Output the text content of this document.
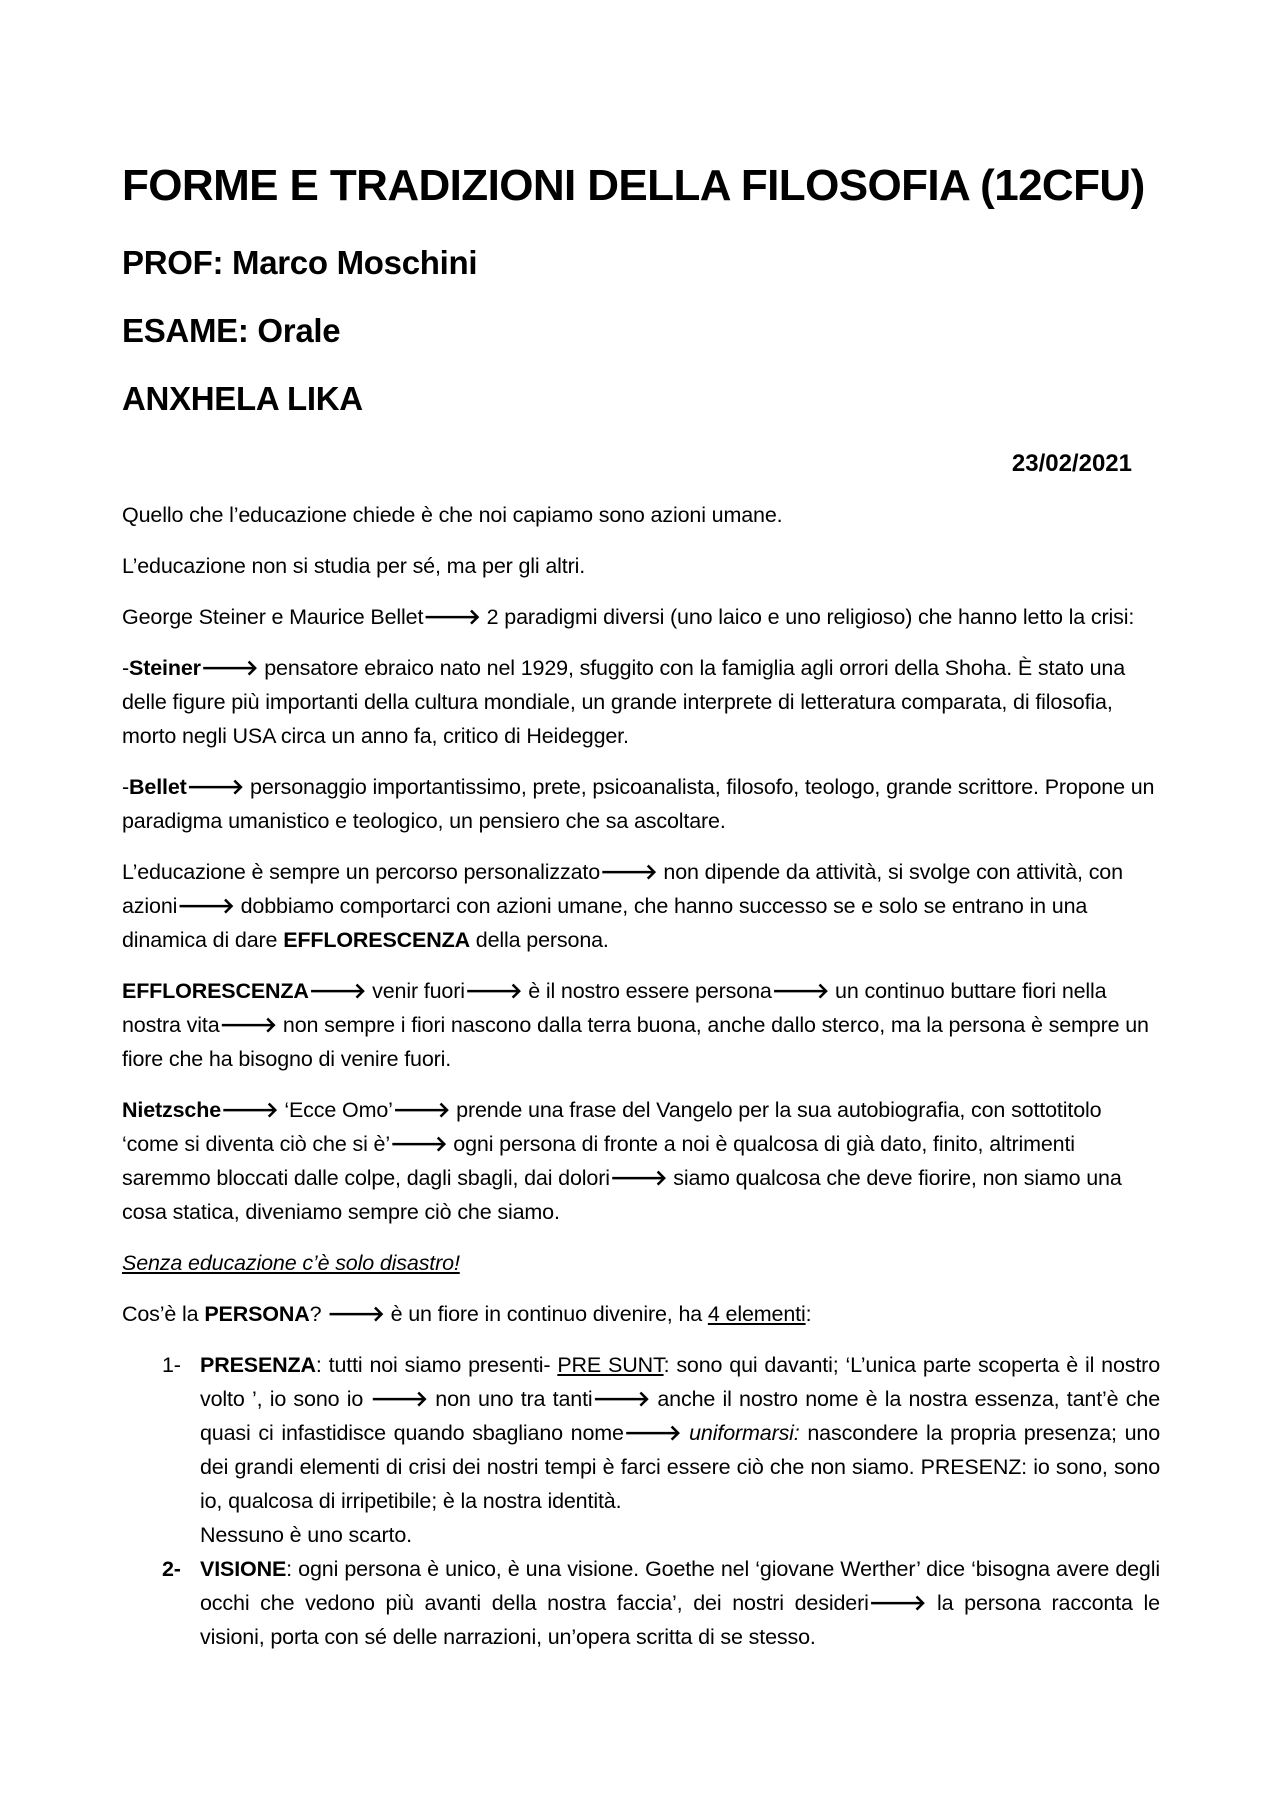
FORME E TRADIZIONI DELLA FILOSOFIA (12CFU)
PROF: Marco Moschini
ESAME: Orale
ANXHELA LIKA
23/02/2021

Quello che l’educazione chiede è che noi capiamo sono azioni umane.

L’educazione non si studia per sé, ma per gli altri.

George Steiner e Maurice Bellet🡒 2 paradigmi diversi (uno laico e uno religioso) che hanno letto la crisi:

-Steiner🡒 pensatore ebraico nato nel 1929, sfuggito con la famiglia agli orrori della Shoha. È stato una delle figure più importanti della cultura mondiale, un grande interprete di letteratura comparata, di filosofia, morto negli USA circa un anno fa, critico di Heidegger.

-Bellet🡒 personaggio importantissimo, prete, psicoanalista, filosofo, teologo, grande scrittore. Propone un paradigma umanistico e teologico, un pensiero che sa ascoltare.

L’educazione è sempre un percorso personalizzato🡒 non dipende da attività, si svolge con attività, con azioni🡒 dobbiamo comportarci con azioni umane, che hanno successo se e solo se entrano in una dinamica di dare EFFLORESCENZA della persona.

EFFLORESCENZA🡒 venir fuori🡒 è il nostro essere persona🡒 un continuo buttare fiori nella nostra vita🡒 non sempre i fiori nascono dalla terra buona, anche dallo sterco, ma la persona è sempre un fiore che ha bisogno di venire fuori.

Nietzsche🡒 ‘Ecce Omo’🡒 prende una frase del Vangelo per la sua autobiografia, con sottotitolo ‘come si diventa ciò che si è’🡒 ogni persona di fronte a noi è qualcosa di già dato, finito, altrimenti saremmo bloccati dalle colpe, dagli sbagli, dai dolori🡒 siamo qualcosa che deve fiorire, non siamo una cosa statica, diveniamo sempre ciò che siamo.

Senza educazione c’è solo disastro!

Cos’è la PERSONA? 🡒 è un fiore in continuo divenire, ha 4 elementi:

1- PRESENZA: tutti noi siamo presenti- PRE SUNT: sono qui davanti; ‘L’unica parte scoperta è il nostro volto ’, io sono io 🡒 non uno tra tanti🡒 anche il nostro nome è la nostra essenza, tant’è che quasi ci infastidisce quando sbagliano nome🡒 uniformarsi: nascondere la propria presenza; uno dei grandi elementi di crisi dei nostri tempi è farci essere ciò che non siamo. PRESENZ: io sono, sono io, qualcosa di irripetibile; è la nostra identità.
Nessuno è uno scarto.
2- VISIONE: ogni persona è unico, è una visione. Goethe nel ‘giovane Werther’ dice ‘bisogna avere degli occhi che vedono più avanti della nostra faccia’, dei nostri desideri🡒 la persona racconta le visioni, porta con sé delle narrazioni, un’opera scritta di se stesso.
